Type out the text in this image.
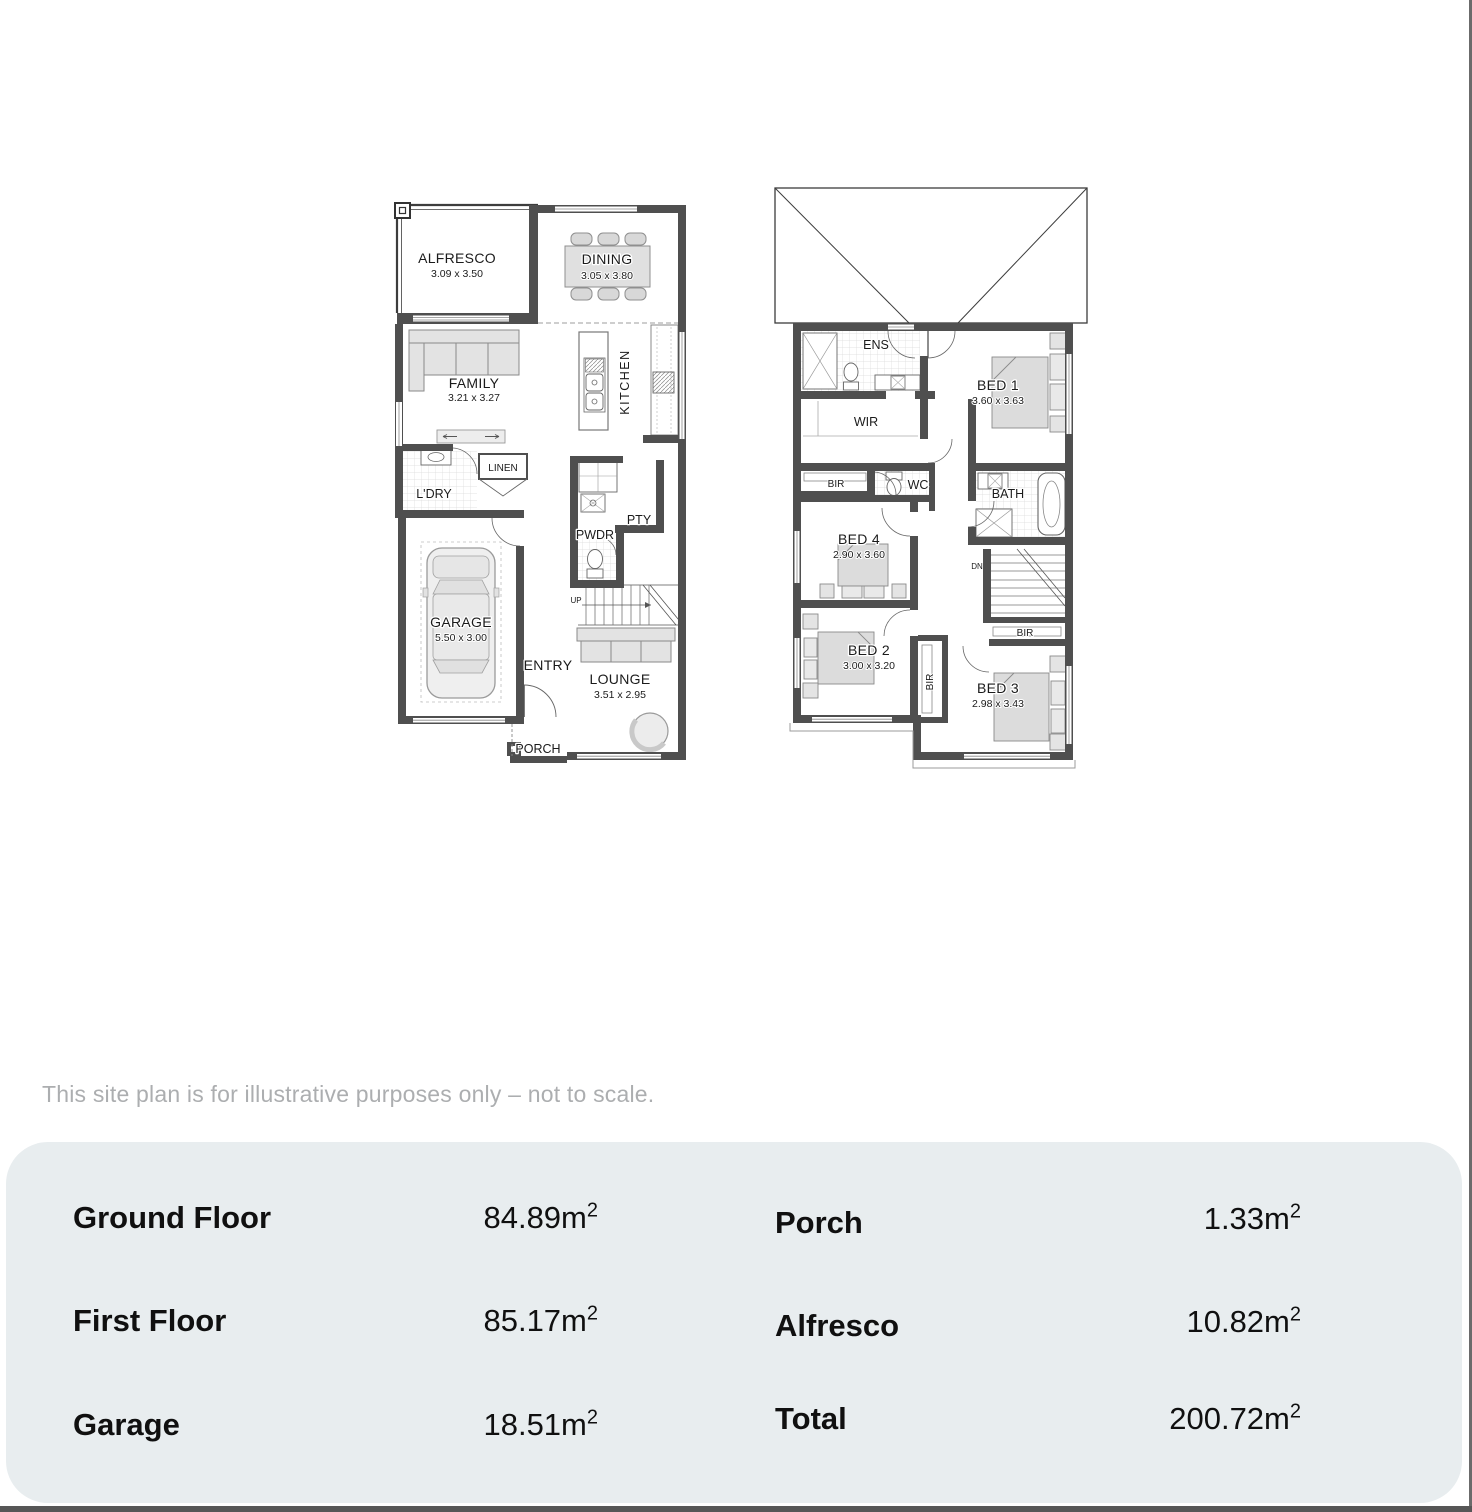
ALFRESCO
3.09 x 3.50
DINING
3.05 x 3.80
FAMILY
3.21 x 3.27	KITCHEN
LINEN
L'DRY
PTY
PWDR
UP
GARAGE
5.50 x 3.00
ENTRY
LOUNGE
3.51 x 2.95
PORCH
ENS
WIR
BED 1
3.60 x 3.63
BIR	WC
BATH
BED 4
2.90 x 3.60
DN
BIR
BED 2
3.00 x 3.20
BIR	BED 3
2.98 x 3.43
This site plan is for illustrative purposes only – not to scale.
Ground Floor	$84.89m^2$
First Floor	$85.17m^2$
Garage	$18.51m^2$
Porch	$1.33m^2$
Alfresco	$10.82m^2$
Total	$200.72m^2$
